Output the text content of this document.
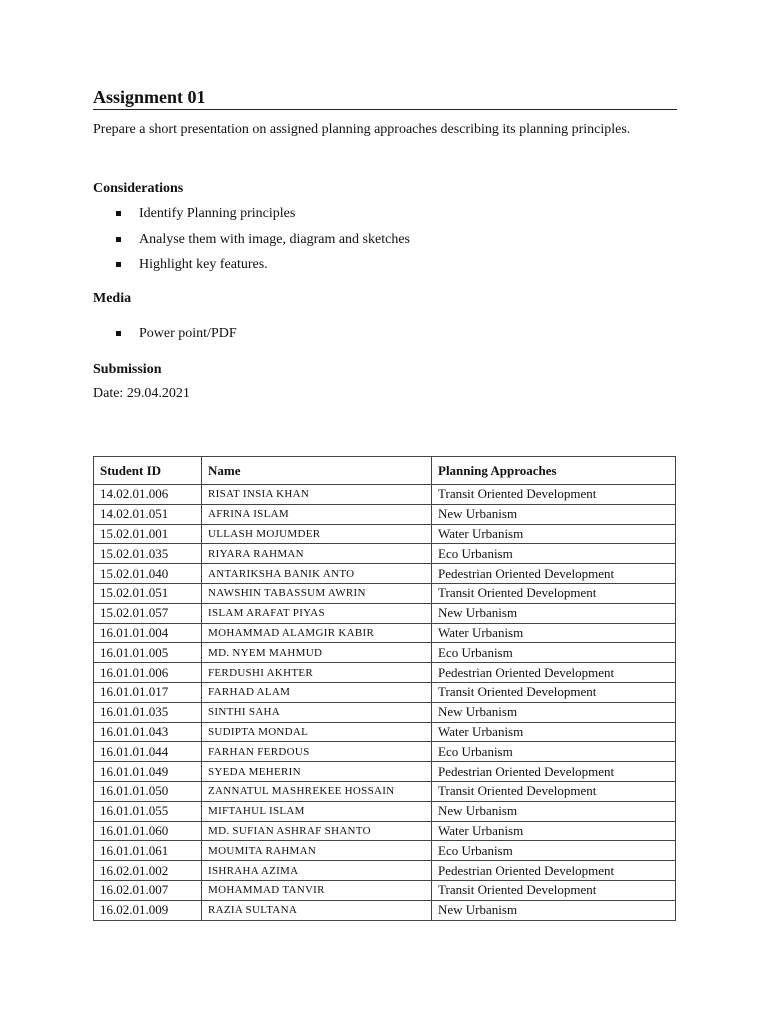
Assignment 01
Prepare a short presentation on assigned planning approaches describing its planning principles.
Considerations
Identify Planning principles
Analyse them with image, diagram and sketches
Highlight key features.
Media
Power point/PDF
Submission
Date: 29.04.2021
Student ID	Name	Planning Approaches
14.02.01.006	RISAT INSIA KHAN	Transit Oriented Development
14.02.01.051	AFRINA ISLAM	New Urbanism
15.02.01.001	ULLASH MOJUMDER	Water Urbanism
15.02.01.035	RIYARA RAHMAN	Eco Urbanism
15.02.01.040	ANTARIKSHA BANIK ANTO	Pedestrian Oriented Development
15.02.01.051	NAWSHIN TABASSUM AWRIN	Transit Oriented Development
15.02.01.057	ISLAM ARAFAT PIYAS	New Urbanism
16.01.01.004	MOHAMMAD ALAMGIR KABIR	Water Urbanism
16.01.01.005	MD. NYEM MAHMUD	Eco Urbanism
16.01.01.006	FERDUSHI AKHTER	Pedestrian Oriented Development
16.01.01.017	FARHAD ALAM	Transit Oriented Development
16.01.01.035	SINTHI SAHA	New Urbanism
16.01.01.043	SUDIPTA MONDAL	Water Urbanism
16.01.01.044	FARHAN FERDOUS	Eco Urbanism
16.01.01.049	SYEDA MEHERIN	Pedestrian Oriented Development
16.01.01.050	ZANNATUL MASHREKEE HOSSAIN	Transit Oriented Development
16.01.01.055	MIFTAHUL ISLAM	New Urbanism
16.01.01.060	MD. SUFIAN ASHRAF SHANTO	Water Urbanism
16.01.01.061	MOUMITA RAHMAN	Eco Urbanism
16.02.01.002	ISHRAHA AZIMA	Pedestrian Oriented Development
16.02.01.007	MOHAMMAD TANVIR	Transit Oriented Development
16.02.01.009	RAZIA SULTANA	New Urbanism
